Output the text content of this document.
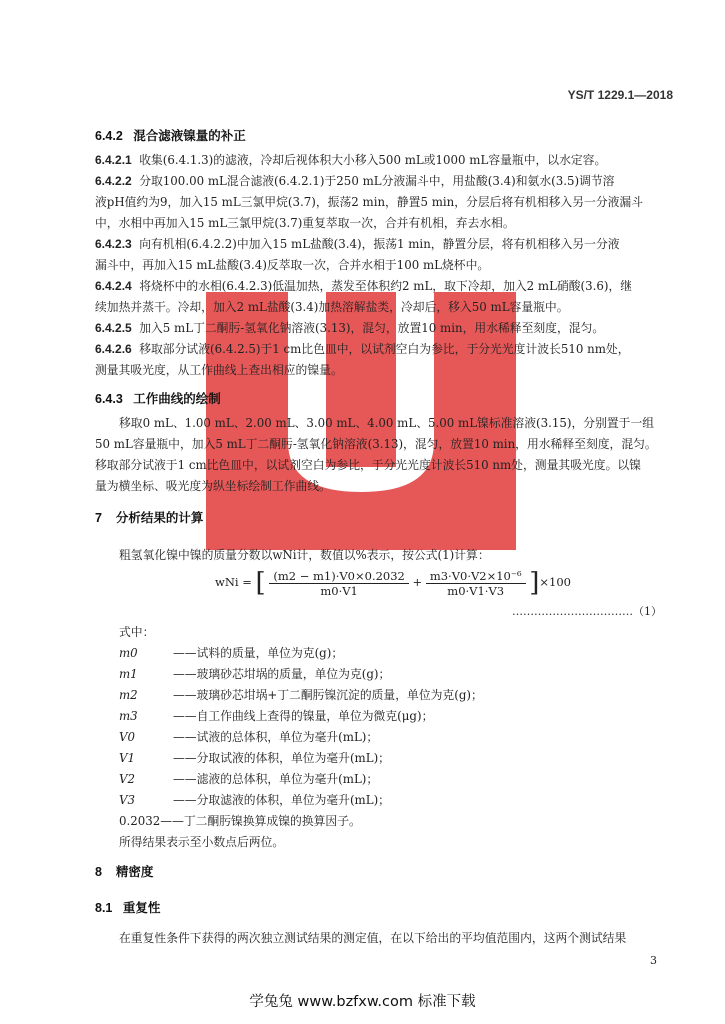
YS/T 1229.1—2018
6.4.2 混合滤液镍量的补正
6.4.2.1 收集(6.4.1.3)的滤液，冷却后视体积大小移入500 mL或1000 mL容量瓶中，以水定容。
6.4.2.2 分取100.00 mL混合滤液(6.4.2.1)于250 mL分液漏斗中，用盐酸(3.4)和氨水(3.5)调节溶
液pH值约为9，加入15 mL三氯甲烷(3.7)，振荡2 min，静置5 min，分层后将有机相移入另一分液漏斗
中，水相中再加入15 mL三氯甲烷(3.7)重复萃取一次，合并有机相，弃去水相。
6.4.2.3 向有机相(6.4.2.2)中加入15 mL盐酸(3.4)，振荡1 min，静置分层，将有机相移入另一分液
漏斗中，再加入15 mL盐酸(3.4)反萃取一次，合并水相于100 mL烧杯中。
6.4.2.4 将烧杯中的水相(6.4.2.3)低温加热，蒸发至体积约2 mL，取下冷却，加入2 mL硝酸(3.6)，继
续加热并蒸干。冷却，加入2 mL盐酸(3.4)加热溶解盐类，冷却后，移入50 mL容量瓶中。
6.4.2.5 加入5 mL丁二酮肟-氢氧化钠溶液(3.13)，混匀，放置10 min，用水稀释至刻度，混匀。
6.4.2.6 移取部分试液(6.4.2.5)于1 cm比色皿中，以试剂空白为参比，于分光光度计波长510 nm处，
测量其吸光度，从工作曲线上查出相应的镍量。
6.4.3 工作曲线的绘制
移取0 mL、1.00 mL、2.00 mL、3.00 mL、4.00 mL、5.00 mL镍标准溶液(3.15)，分别置于一组
50 mL容量瓶中，加入5 mL丁二酮肟-氢氧化钠溶液(3.13)，混匀，放置10 min，用水稀释至刻度，混匀。
移取部分试液于1 cm比色皿中，以试剂空白为参比，于分光光度计波长510 nm处，测量其吸光度。以镍
量为横坐标、吸光度为纵坐标绘制工作曲线。
7 分析结果的计算
粗氢氧化镍中镍的质量分数以wNi计，数值以%表示，按公式(1)计算：
wNi = [ $\frac{(m2 - m1)\cdot V0\times 0.2032}{m0\cdot V1} + \frac{\text{m3·V0·V2×10⁻⁶}}{m0\cdot V1\cdot V3} ]\times 100$
……………………………（1）
式中：
m0	——试料的质量，单位为克(g)；
m1	——玻璃砂芯坩埚的质量，单位为克(g)；
m2	——玻璃砂芯坩埚+丁二酮肟镍沉淀的质量，单位为克(g)；
m3	——自工作曲线上查得的镍量，单位为微克(μg)；
V0	——试液的总体积，单位为毫升(mL)；
V1	——分取试液的体积，单位为毫升(mL)；
V2	——滤液的总体积，单位为毫升(mL)；
V3	——分取滤液的体积，单位为毫升(mL)；
0.2032——丁二酮肟镍换算成镍的换算因子。
所得结果表示至小数点后两位。
8 精密度
8.1 重复性
在重复性条件下获得的两次独立测试结果的测定值，在以下给出的平均值范围内，这两个测试结果
3
学兔兔 www.bzfxw.com 标准下载
